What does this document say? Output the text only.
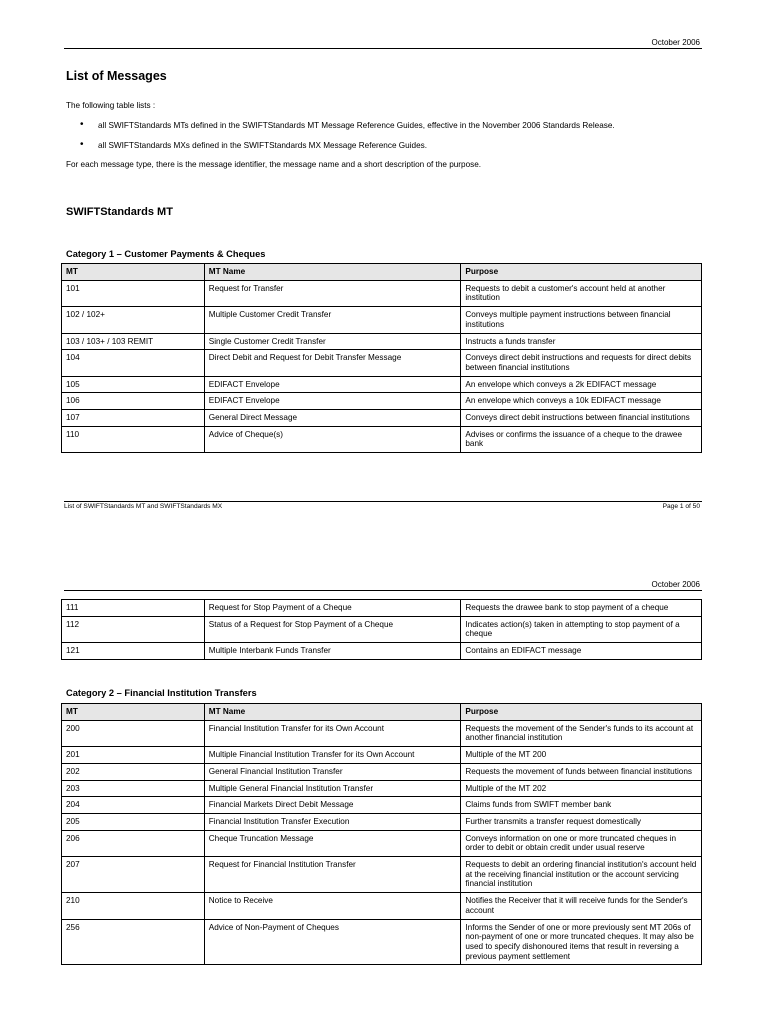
October 2006
List of Messages

The following table lists :

• all SWIFTStandards MTs defined in the SWIFTStandards MT Message Reference Guides, effective in the November 2006 Standards Release.
• all SWIFTStandards MXs defined in the SWIFTStandards MX Message Reference Guides.

For each message type, there is the message identifier, the message name and a short description of the purpose.

SWIFTStandards MT
Category 1 – Customer Payments & Cheques
MT	MT Name	Purpose
101	Request for Transfer	Requests to debit a customer's account held at another institution
102 / 102+	Multiple Customer Credit Transfer	Conveys multiple payment instructions between financial institutions
103 / 103+ / 103 REMIT	Single Customer Credit Transfer	Instructs a funds transfer
104	Direct Debit and Request for Debit Transfer Message	Conveys direct debit instructions and requests for direct debits between financial institutions
105	EDIFACT Envelope	An envelope which conveys a 2k EDIFACT message
106	EDIFACT Envelope	An envelope which conveys a 10k EDIFACT message
107	General Direct Message	Conveys direct debit instructions between financial institutions
110	Advice of Cheque(s)	Advises or confirms the issuance of a cheque to the drawee bank
List of SWIFTStandards MT and SWIFTStandards MX	Page 1 of 50
October 2006
111	Request for Stop Payment of a Cheque	Requests the drawee bank to stop payment of a cheque
112	Status of a Request for Stop Payment of a Cheque	Indicates action(s) taken in attempting to stop payment of a cheque
121	Multiple Interbank Funds Transfer	Contains an EDIFACT message
Category 2 – Financial Institution Transfers
MT	MT Name	Purpose
200	Financial Institution Transfer for its Own Account	Requests the movement of the Sender's funds to its account at another financial institution
201	Multiple Financial Institution Transfer for its Own Account	Multiple of the MT 200
202	General Financial Institution Transfer	Requests the movement of funds between financial institutions
203	Multiple General Financial Institution Transfer	Multiple of the MT 202
204	Financial Markets Direct Debit Message	Claims funds from SWIFT member bank
205	Financial Institution Transfer Execution	Further transmits a transfer request domestically
206	Cheque Truncation Message	Conveys information on one or more truncated cheques in order to debit or obtain credit under usual reserve
207	Request for Financial Institution Transfer	Requests to debit an ordering financial institution's account held at the receiving financial institution or the account servicing financial institution
210	Notice to Receive	Notifies the Receiver that it will receive funds for the Sender's account
256	Advice of Non-Payment of Cheques	Informs the Sender of one or more previously sent MT 206s of non-payment of one or more truncated cheques. It may also be used to specify dishonoured items that result in reversing a previous payment settlement
